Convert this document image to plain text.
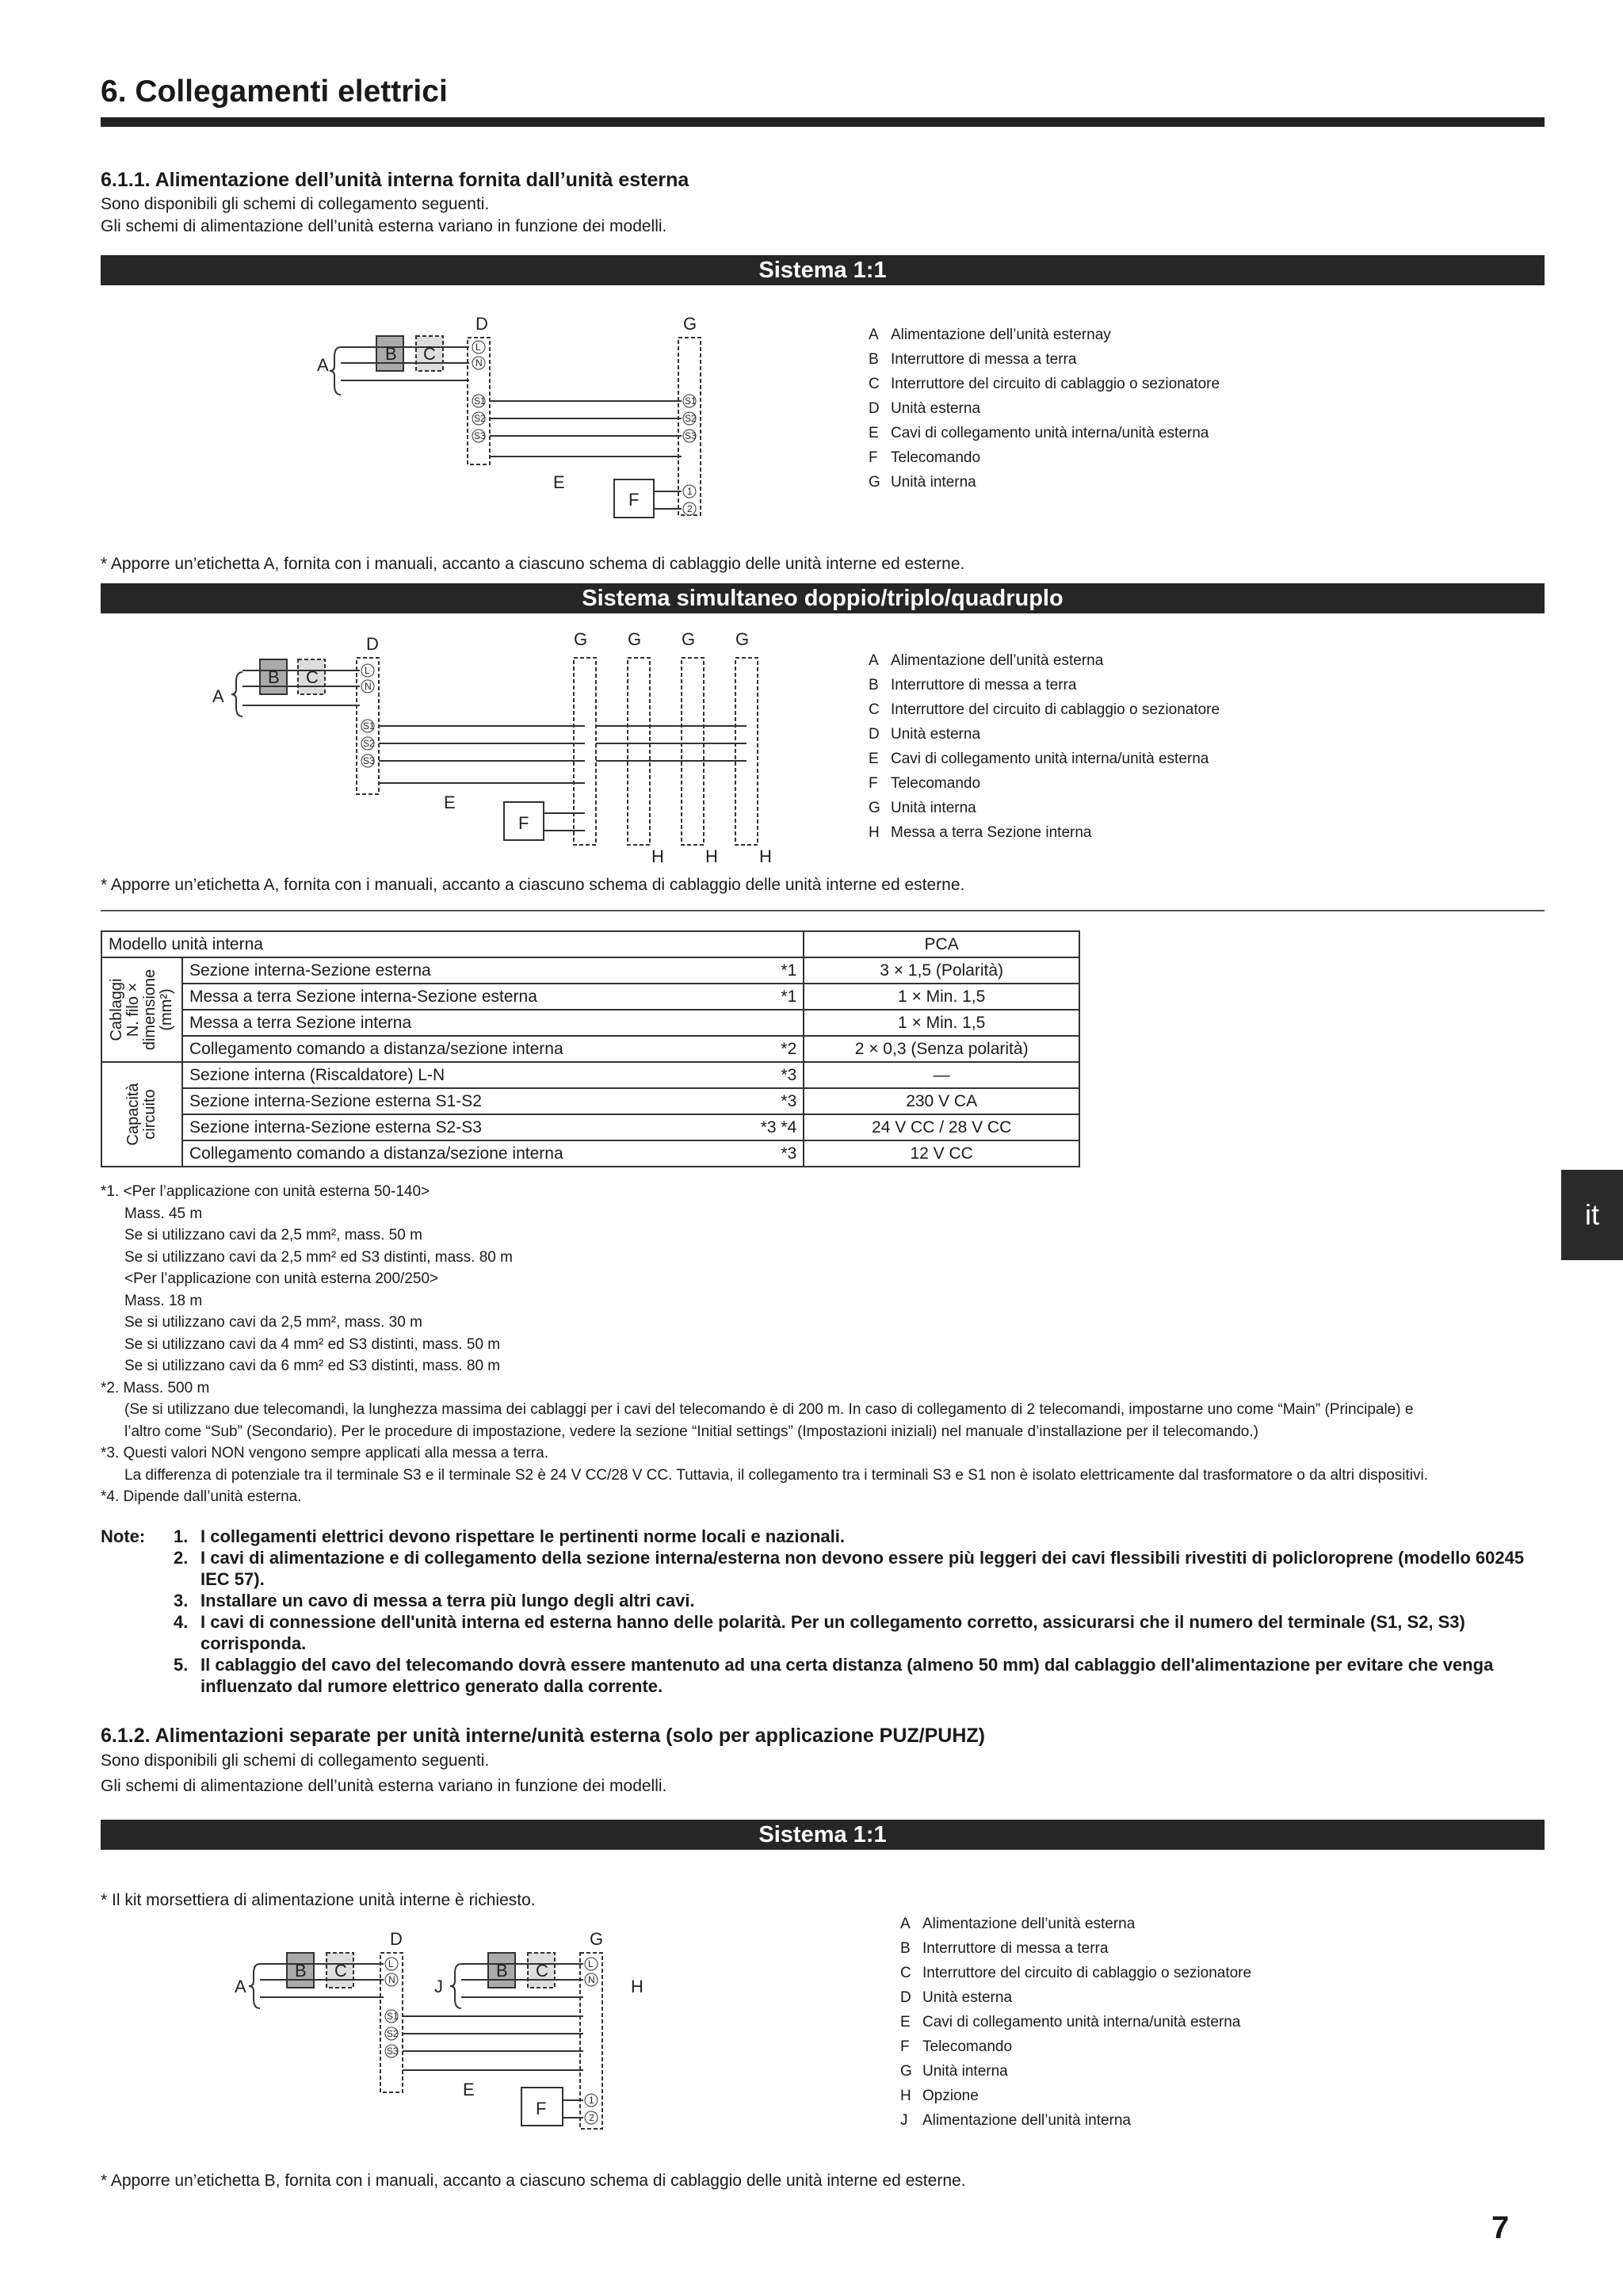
6. Collegamenti elettrici
6.1.1. Alimentazione dell’unità interna fornita dall’unità esterna
Sono disponibili gli schemi di collegamento seguenti.
Gli schemi di alimentazione dell’unità esterna variano in funzione dei modelli.
Sistema 1:1
A
B C
D	G
E
F
L
N
S1
S2
S3
S1
S2
S3
1
2
A Alimentazione dell’unità esternay
B Interruttore di messa a terra
C Interruttore del circuito di cablaggio o sezionatore
D Unità esterna
E Cavi di collegamento unità interna/unità esterna
F Telecomando
G Unità interna
* Apporre un’etichetta A, fornita con i manuali, accanto a ciascuno schema di cablaggio delle unità interne ed esterne.
Sistema simultaneo doppio/triplo/quadruplo
A
B C
D	G G G G
E
F
H H H
L
N
S1
S2
S3
A Alimentazione dell’unità esterna
B Interruttore di messa a terra
C Interruttore del circuito di cablaggio o sezionatore
D Unità esterna
E Cavi di collegamento unità interna/unità esterna
F Telecomando
G Unità interna
H Messa a terra Sezione interna
* Apporre un’etichetta A, fornita con i manuali, accanto a ciascuno schema di cablaggio delle unità interne ed esterne.
Modello unità interna			PCA

Cablaggi
N. filo ×
dimensione
(mm²)	Sezione interna-Sezione esterna	*1	3 × 1,5 (Polarità)
	Messa a terra Sezione interna-Sezione esterna	*1	1 × Min. 1,5
	Messa a terra Sezione interna		1 × Min. 1,5
	Collegamento comando a distanza/sezione interna	*2	2 × 0,3 (Senza polarità)

Capacità
circuito	Sezione interna (Riscaldatore) L-N	*3	—
	Sezione interna-Sezione esterna S1-S2	*3	230 V CA
	Sezione interna-Sezione esterna S2-S3	*3 *4	24 V CC / 28 V CC
	Collegamento comando a distanza/sezione interna	*3	12 V CC
*1. <Per l’applicazione con unità esterna 50-140>
Mass. 45 m
Se si utilizzano cavi da 2,5 mm², mass. 50 m
Se si utilizzano cavi da 2,5 mm² ed S3 distinti, mass. 80 m
<Per l’applicazione con unità esterna 200/250>
Mass. 18 m
Se si utilizzano cavi da 2,5 mm², mass. 30 m
Se si utilizzano cavi da 4 mm² ed S3 distinti, mass. 50 m
Se si utilizzano cavi da 6 mm² ed S3 distinti, mass. 80 m
*2. Mass. 500 m
(Se si utilizzano due telecomandi, la lunghezza massima dei cablaggi per i cavi del telecomando è di 200 m. In caso di collegamento di 2 telecomandi, impostarne uno come “Main” (Principale) e
l’altro come “Sub” (Secondario). Per le procedure di impostazione, vedere la sezione “Initial settings” (Impostazioni iniziali) nel manuale d’installazione per il telecomando.)
*3. Questi valori NON vengono sempre applicati alla messa a terra.
La differenza di potenziale tra il terminale S3 e il terminale S2 è 24 V CC/28 V CC. Tuttavia, il collegamento tra i terminali S3 e S1 non è isolato elettricamente dal trasformatore o da altri dispositivi.
*4. Dipende dall’unità esterna.
Note: 1. I collegamenti elettrici devono rispettare le pertinenti norme locali e nazionali.
2. I cavi di alimentazione e di collegamento della sezione interna/esterna non devono essere più leggeri dei cavi flessibili rivestiti di policloroprene (modello 60245 IEC 57).
3. Installare un cavo di messa a terra più lungo degli altri cavi.
4. I cavi di connessione dell'unità interna ed esterna hanno delle polarità. Per un collegamento corretto, assicurarsi che il numero del terminale (S1, S2, S3) corrisponda.
5. Il cablaggio del cavo del telecomando dovrà essere mantenuto ad una certa distanza (almeno 50 mm) dal cablaggio dell'alimentazione per evitare che venga influenzato dal rumore elettrico generato dalla corrente.
6.1.2. Alimentazioni separate per unità interne/unità esterna (solo per applicazione PUZ/PUHZ)
Sono disponibili gli schemi di collegamento seguenti.
Gli schemi di alimentazione dell’unità esterna variano in funzione dei modelli.
Sistema 1:1
* Il kit morsettiera di alimentazione unità interne è richiesto.
A
B C
D
J
B C
G
H
E
F
L
N
S1
S2
S3
L
N
1
2
A Alimentazione dell’unità esterna
B Interruttore di messa a terra
C Interruttore del circuito di cablaggio o sezionatore
D Unità esterna
E Cavi di collegamento unità interna/unità esterna
F Telecomando
G Unità interna
H Opzione
J Alimentazione dell’unità interna
* Apporre un’etichetta B, fornita con i manuali, accanto a ciascuno schema di cablaggio delle unità interne ed esterne.
it
7
